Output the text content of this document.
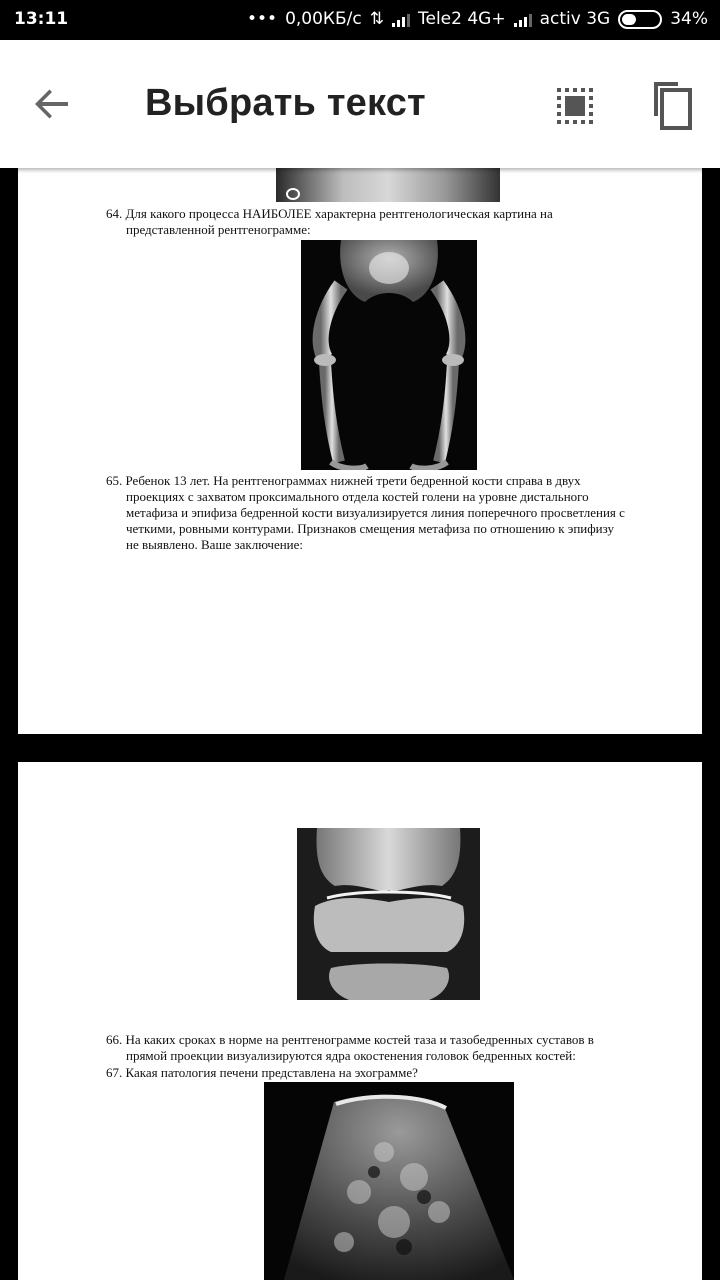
13:11	••• 0,00КБ/с ⇅ Tele2 4G+ activ 3G	34%
Выбрать текст
64. Для какого процесса НАИБОЛЕЕ характерна рентгенологическая картина на
представленной рентгенограмме:
65. Ребенок 13 лет. На рентгенограммах нижней трети бедренной кости справа в двух
проекциях с захватом проксимального отдела костей голени на уровне дистального
метафиза и эпифиза бедренной кости визуализируется линия поперечного просветления с
четкими, ровными контурами. Признаков смещения метафиза по отношению к эпифизу
не выявлено. Ваше заключение:
66. На каких сроках в норме на рентгенограмме костей таза и тазобедренных суставов в
прямой проекции визуализируются ядра окостенения головок бедренных костей:
67. Какая патология печени представлена на эхограмме?
